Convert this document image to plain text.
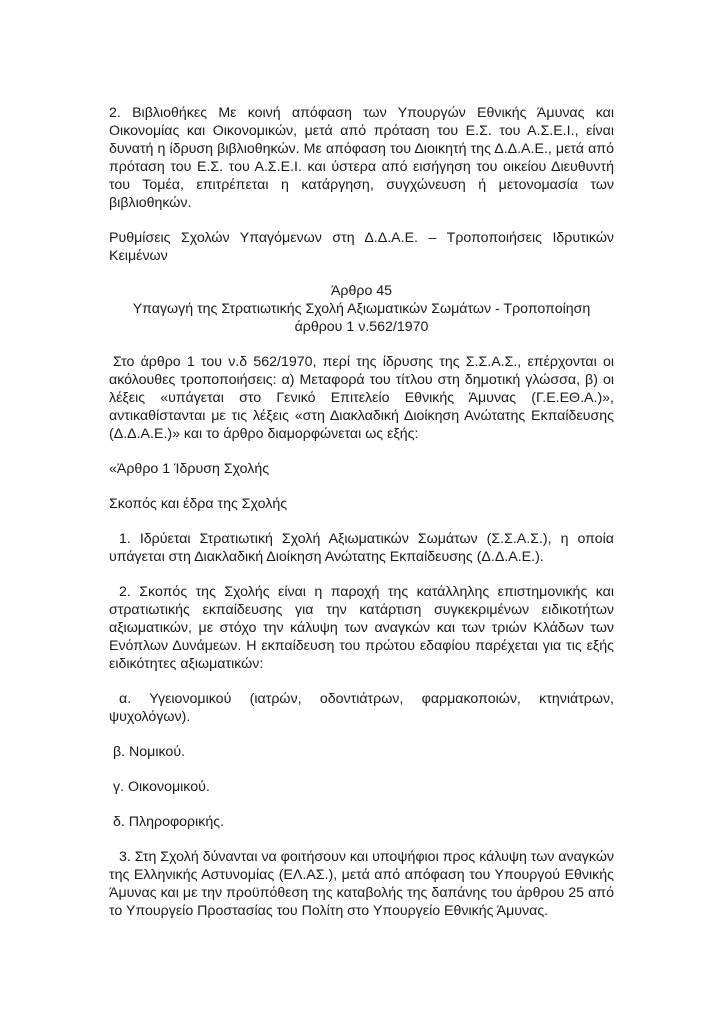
2. Βιβλιοθήκες Με κοινή απόφαση των Υπουργών Εθνικής Άμυνας και Οικονομίας και Οικονομικών, μετά από πρόταση του Ε.Σ. του Α.Σ.Ε.Ι., είναι δυνατή η ίδρυση βιβλιοθηκών. Με απόφαση του Διοικητή της Δ.Δ.Α.Ε., μετά από πρόταση του Ε.Σ. του Α.Σ.Ε.Ι. και ύστερα από εισήγηση του οικείου Διευθυντή του Τομέα, επιτρέπεται η κατάργηση, συγχώνευση ή μετονομασία των βιβλιοθηκών.

Ρυθμίσεις Σχολών Υπαγόμενων στη Δ.Δ.Α.Ε. – Τροποποιήσεις Ιδρυτικών Κειμένων

Άρθρο 45

Υπαγωγή της Στρατιωτικής Σχολή Αξιωματικών Σωμάτων - Τροποποίηση άρθρου 1 ν.562/1970

Στο άρθρο 1 του ν.δ 562/1970, περί της ίδρυσης της Σ.Σ.Α.Σ., επέρχονται οι ακόλουθες τροποποιήσεις: α) Μεταφορά του τίτλου στη δημοτική γλώσσα, β) οι λέξεις «υπάγεται στο Γενικό Επιτελείο Εθνικής Άμυνας (Γ.Ε.ΕΘ.Α.)», αντικαθίστανται με τις λέξεις «στη Διακλαδική Διοίκηση Ανώτατης Εκπαίδευσης (Δ.Δ.Α.Ε.)» και το άρθρο διαμορφώνεται ως εξής:

«Άρθρο 1 Ίδρυση Σχολής

Σκοπός και έδρα της Σχολής

1. Ιδρύεται Στρατιωτική Σχολή Αξιωματικών Σωμάτων (Σ.Σ.Α.Σ.), η οποία υπάγεται στη Διακλαδική Διοίκηση Ανώτατης Εκπαίδευσης (Δ.Δ.Α.Ε.).

2. Σκοπός της Σχολής είναι η παροχή της κατάλληλης επιστημονικής και στρατιωτικής εκπαίδευσης για την κατάρτιση συγκεκριμένων ειδικοτήτων αξιωματικών, με στόχο την κάλυψη των αναγκών και των τριών Κλάδων των Ενόπλων Δυνάμεων. Η εκπαίδευση του πρώτου εδαφίου παρέχεται για τις εξής ειδικότητες αξιωματικών:

α. Υγειονομικού (ιατρών, οδοντιάτρων, φαρμακοποιών, κτηνιάτρων, ψυχολόγων).

β. Νομικού.

γ. Οικονομικού.

δ. Πληροφορικής.

3. Στη Σχολή δύνανται να φοιτήσουν και υποψήφιοι προς κάλυψη των αναγκών της Ελληνικής Αστυνομίας (ΕΛ.ΑΣ.), μετά από απόφαση του Υπουργού Εθνικής Άμυνας και με την προϋπόθεση της καταβολής της δαπάνης του άρθρου 25 από το Υπουργείο Προστασίας του Πολίτη στο Υπουργείο Εθνικής Άμυνας.
